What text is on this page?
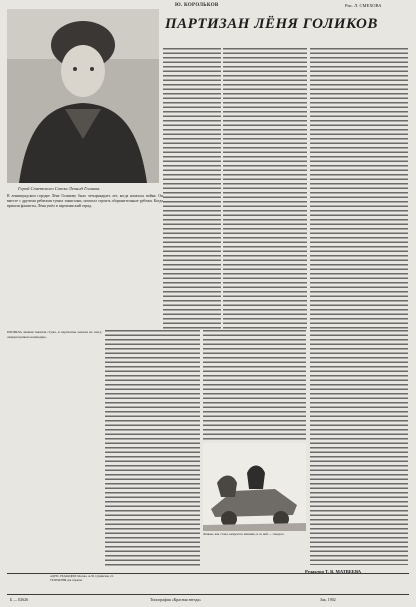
Ю. КОРОЛЬКОВ	Рис. Л. СМЕХОВА
Герой Советского Союза Леонид Голиков.
ПАРТИЗАН ЛЁНЯ ГОЛИКОВ
В ленинградском городке Лёне Голикову было четырнадцать лет, когда началась война. Он вместе с другими ребятами тушил зажигалки, помогал строить оборонительные рубежи. Когда пришли фашисты, Лёня ушёл в партизанский отряд.
ПРОШЛА зимняя тяжёлая стужа, и партизаны лежали на снегу, ожидая приказа командира.
Лёнька, как стоял, кинулся к машине, и за ней — генерал.
Редактор Т. В. МАТВЕЕВА
АДРЕС РЕДАКЦИИ: Москва, А-30, Сущёвская, 21.
ТЕЛЕФОНЫ для справок:
Б — 02626	Типография «Красная звезда»	Зак. 1902
